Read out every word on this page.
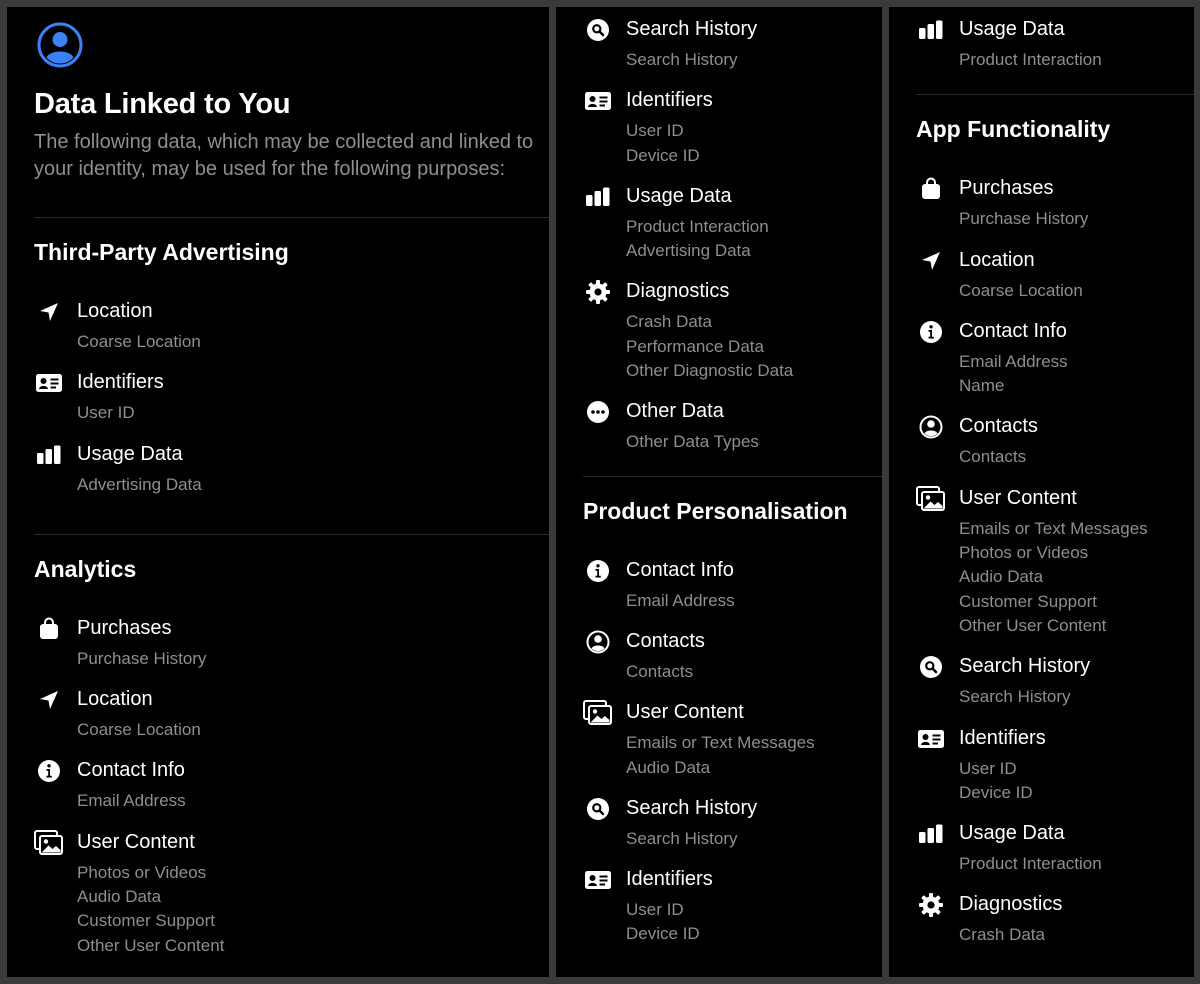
Data Linked to You
The following data, which may be collected and linked to your identity, may be used for the following purposes:
Third-Party Advertising
Location
Coarse Location
Identifiers
User ID
Usage Data
Advertising Data
Analytics
Purchases
Purchase History
Location
Coarse Location
Contact Info
Email Address
User Content
Photos or Videos
Audio Data
Customer Support
Other User Content
Search History
Search History
Identifiers
User ID
Device ID
Usage Data
Product Interaction
Advertising Data
Diagnostics
Crash Data
Performance Data
Other Diagnostic Data
Other Data
Other Data Types
Product Personalisation
Contact Info
Email Address
Contacts
Contacts
User Content
Emails or Text Messages
Audio Data
Search History
Search History
Identifiers
User ID
Device ID
Usage Data
Product Interaction
App Functionality
Purchases
Purchase History
Location
Coarse Location
Contact Info
Email Address
Name
Contacts
Contacts
User Content
Emails or Text Messages
Photos or Videos
Audio Data
Customer Support
Other User Content
Search History
Search History
Identifiers
User ID
Device ID
Usage Data
Product Interaction
Diagnostics
Crash Data
